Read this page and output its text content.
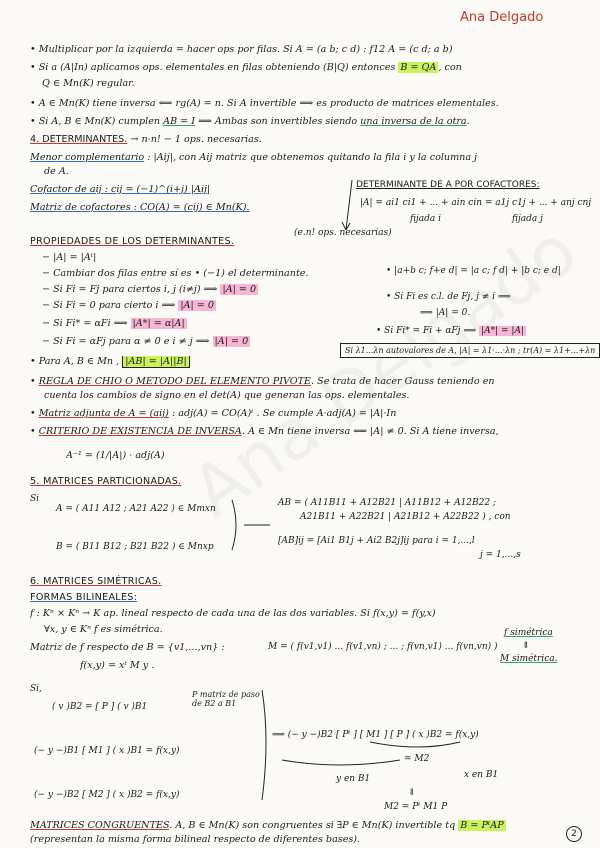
Ana Delgado
• Multiplicar por la izquierda = hacer ops por filas. Si A = (a b; c d) : f12 A = (c d; a b)
• Si a (A|In) aplicamos ops. elementales en filas obteniendo (B|Q) entonces B = QA , con
Q ∈ Mn(K) regular.
• A ∈ Mn(K) tiene inversa ⟺ rg(A) = n. Si A invertible ⟹ es producto de matrices elementales.
• Si A, B ∈ Mn(K) cumplen AB = I ⟹ Ambas son invertibles siendo una inversa de la otra.
4. DETERMINANTES. → n·n! − 1 ops. necesarias.
Menor complementario : |Aij|, con Aij matriz que obtenemos quitando la fila i y la columna j
de A.
Cofactor de aij : cij = (−1)^(i+j) |Aij|
Matriz de cofactores : CO(A) = (cij) ∈ Mn(K).
DETERMINANTE DE A POR COFACTORES:
|A| = ai1 ci1 + ... + ain cin = a1j c1j + ... + anj cnj
fijada i	fijada j
(e.n! ops. necesarias)
PROPIEDADES DE LOS DETERMINANTES.
− |A| = |Aᵗ|
− Cambiar dos filas entre sí es • (−1) el determinante.
− Si Fi = Fj para ciertos i, j (i≠j) ⟹ |A| = 0
− Si Fi = 0 para cierto i ⟹ |A| = 0
− Si Fi* = αFi ⟹ |A*| = α|A|
− Si Fi = αFj para α ≠ 0 e i ≠ j ⟹ |A| = 0
• |a+b c; f+e d| = |a c; f d| + |b c; e d|
• Si Fi es c.l. de Fj, j ≠ i ⟹
⟹ |A| = 0.
• Si Fi* = Fi + αFj ⟹ |A*| = |A|
Si λ1...λn autovalores de A, |A| = λ1·...·λn ; tr(A) = λ1+...+λn
• Para A, B ∈ Mn , |AB| = |A||B|
• REGLA DE CHIO O MÉTODO DEL ELEMENTO PIVOTE. Se trata de hacer Gauss teniendo en
cuenta los cambios de signo en el det(A) que generan las ops. elementales.
• Matriz adjunta de A = (aij) : adj(A) = CO(A)ᵗ . Se cumple A·adj(A) = |A|·In
• CRITERIO DE EXISTENCIA DE INVERSA. A ∈ Mn tiene inversa ⟺ |A| ≠ 0. Si A tiene inversa,
A⁻¹ = (1/|A|) · adj(A)
5. MATRICES PARTICIONADAS.
Si
A = ( A11 A12 ; A21 A22 ) ∈ Mmxn
B = ( B11 B12 ; B21 B22 ) ∈ Mnxp
AB = ( A11B11 + A12B21 | A11B12 + A12B22 ;
A21B11 + A22B21 | A21B12 + A22B22 ) , con
[AB]ij = [Ai1 B1j + Ai2 B2j]ij para i = 1,...,l
j = 1,...,s
6. MATRICES SIMÉTRICAS.
FORMAS BILINEALES:
f : Kⁿ × Kⁿ → K ap. lineal respecto de cada una de las dos variables. Si f(x,y) = f(y,x)
∀x, y ∈ Kⁿ f es simétrica.
Matriz de f respecto de B = {v1,...,vn} :	M = ( f(v1,v1) ... f(v1,vn) ; ... ; f(vn,v1) ... f(vn,vn) )
f(x,y) = xᵗ M y .
f simétrica
⇕
M simétrica.
Si,
( v )B2 = [ P ] ( v )B1
P matriz de paso de B2 a B1
(− y −)B1 [ M1 ] ( x )B1 = f(x,y)
(− y −)B2 [ M2 ] ( x )B2 = f(x,y)
⟹ (− y −)B2 [ Pᵗ ] [ M1 ] [ P ] ( x )B2 = f(x,y)
= M2
y en B1	x en B1
⇓
M2 = Pᵗ M1 P
MATRICES CONGRUENTES. A, B ∈ Mn(K) son congruentes si ∃P ∈ Mn(K) invertible tq B = PᵗAP
(representan la misma forma bilineal respecto de diferentes bases).	2
